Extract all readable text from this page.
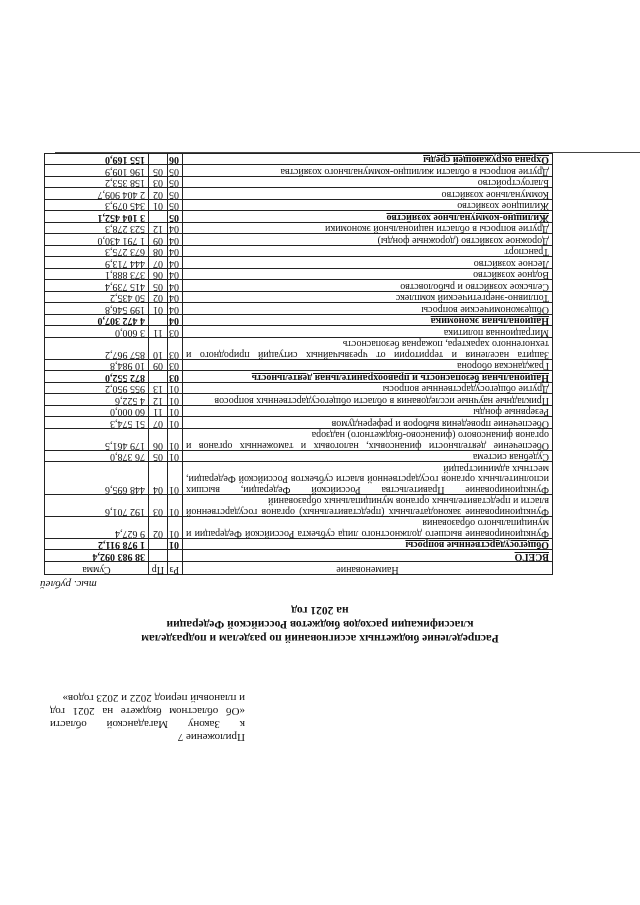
Приложение 7
к Закону Магаданской области
«Об областном бюджете на 2021 год
и плановый период 2022 и 2023 годов»
Распределение бюджетных ассигнований по разделам и подразделам
классификации расходов бюджетов Российской Федерации
на 2021 год
тыс. рублей
Наименование	Рз	Пр	Сумма
ВСЕГО			38 983 092,4
Общегосударственные вопросы	01		1 978 911,2
Функционирование высшего должностного лица субъекта Российской Федерации и муниципального образования	01	02	9 627,4
Функционирование законодательных (представительных) органов государственной власти и представительных органов муниципальных образований	01	03	192 701,6
Функционирование Правительства Российской Федерации, высших исполнительных органов государственной власти субъектов Российской Федерации, местных администраций	01	04	448 695,6
Судебная система	01	05	76 378,0
Обеспечение деятельности финансовых, налоговых и таможенных органов и органов финансового (финансово-бюджетного) надзора	01	06	179 461,5
Обеспечение проведения выборов и референдумов	01	07	51 574,3
Резервные фонды	01	11	60 000,0
Прикладные научные исследования в области общегосударственных вопросов	01	12	4 522,6
Другие общегосударственные вопросы	01	13	955 950,2
Национальная безопасность и правоохранительная деятельность	03		872 552,0
Гражданская оборона	03	09	10 984,8
Защита населения и территории от чрезвычайных ситуаций природного и техногенного характера, пожарная безопасность	03	10	857 967,2
Миграционная политика	03	11	3 600,0
Национальная экономика	04		4 472 307,0
Общеэкономические вопросы	04	01	199 546,8
Топливно-энергетический комплекс	04	02	50 435,2
Сельское хозяйство и рыболовство	04	05	415 739,4
Водное хозяйство	04	06	373 888,1
Лесное хозяйство	04	07	444 713,9
Транспорт	04	08	673 275,3
Дорожное хозяйство (дорожные фонды)	04	09	1 791 430,0
Другие вопросы в области национальной экономики	04	12	523 278,3
Жилищно-коммунальное хозяйство	05		3 104 452,1
Жилищное хозяйство	05	01	345 079,3
Коммунальное хозяйство	05	02	2 404 909,7
Благоустройство	05	03	158 353,2
Другие вопросы в области жилищно-коммунального хозяйства	05	05	196 109,9
Охрана окружающей среды	06		155 169,0
